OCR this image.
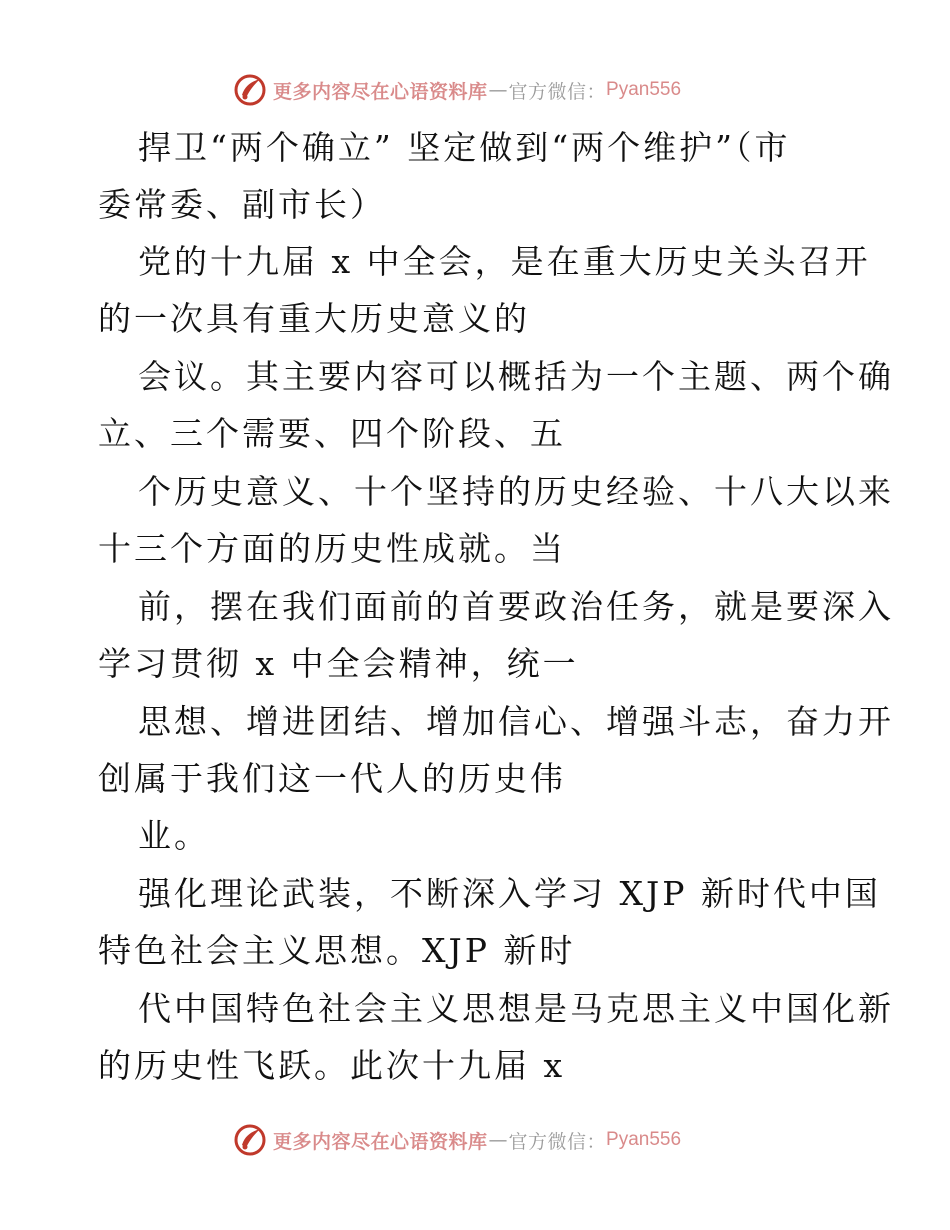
更多内容尽在心语资料库 — 官方微信： Pyan556
捍卫“两个确立” 坚定做到“两个维护”（市
委常委、副市长）
党的十九届 x 中全会，是在重大历史关头召开
的一次具有重大历史意义的
会议。其主要内容可以概括为一个主题、两个确
立、三个需要、四个阶段、五
个历史意义、十个坚持的历史经验、十八大以来
十三个方面的历史性成就。当
前，摆在我们面前的首要政治任务，就是要深入
学习贯彻 x 中全会精神，统一
思想、增进团结、增加信心、增强斗志，奋力开
创属于我们这一代人的历史伟
业。
强化理论武装，不断深入学习 XJP 新时代中国
特色社会主义思想。XJP 新时
代中国特色社会主义思想是马克思主义中国化新
的历史性飞跃。此次十九届 x
更多内容尽在心语资料库 — 官方微信： Pyan556
